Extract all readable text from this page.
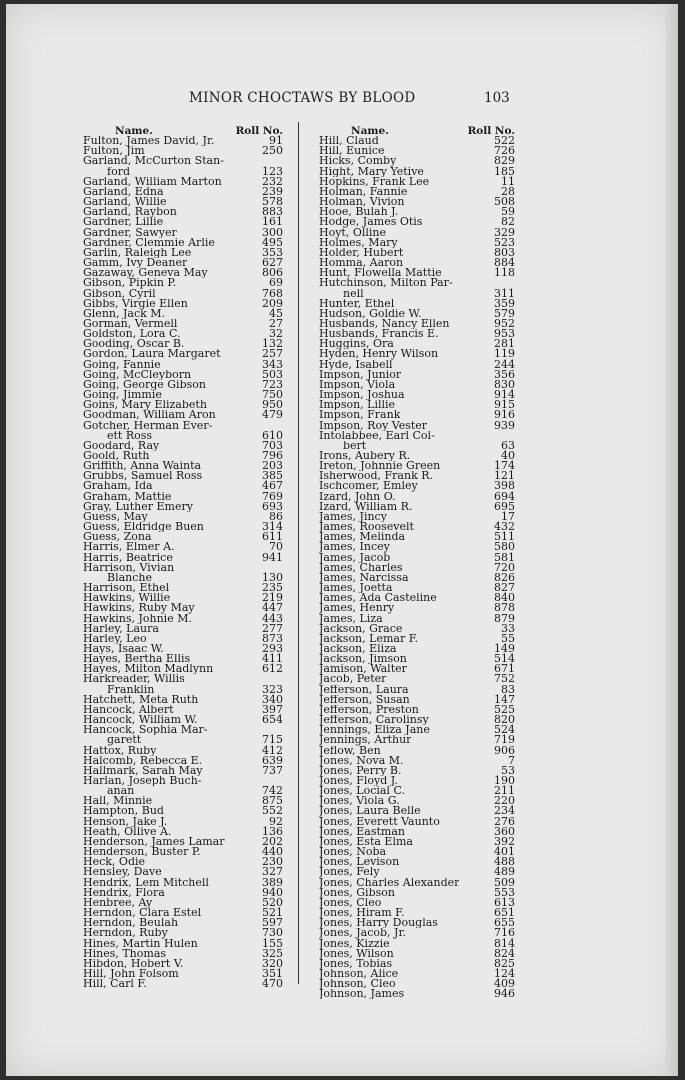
MINOR CHOCTAWS BY BLOOD	103
Name.	Roll No.
Fulton, James David, Jr.	91
Fulton, Jim	250
Garland, McCurton Stan-
ford	123
Garland, William Marton	232
Garland, Edna	239
Garland, Willie	578
Garland, Raybon	883
Gardner, Lillie	161
Gardner, Sawyer	300
Gardner, Clemmie Arlie	495
Garlin, Raleigh Lee	353
Gamm, Ivy Deaner	627
Gazaway, Geneva May	806
Gibson, Pipkin P.	69
Gibson, Cyril	768
Gibbs, Virgie Ellen	209
Glenn, Jack M.	45
Gorman, Vermell	27
Goldston, Lora C.	32
Gooding, Oscar B.	132
Gordon, Laura Margaret	257
Going, Fannie	343
Going, McCleyborn	503
Going, George Gibson	723
Going, Jimmie	750
Goins, Mary Elizabeth	950
Goodman, William Aron	479
Gotcher, Herman Ever-
ett Ross	610
Goodard, Ray	703
Goold, Ruth	796
Griffith, Anna Wainta	203
Grubbs, Samuel Ross	385
Graham, Ida	467
Graham, Mattie	769
Gray, Luther Emery	693
Guess, May	86
Guess, Eldridge Buen	314
Guess, Zona	611
Harris, Elmer A.	70
Harris, Beatrice	941
Harrison, Vivian
Blanche	130
Harrison, Ethel	235
Hawkins, Willie	219
Hawkins, Ruby May	447
Hawkins, Johnie M.	443
Harley, Laura	277
Harley, Leo	873
Hays, Isaac W.	293
Hayes, Bertha Ellis	411
Hayes, Milton Madlynn	612
Harkreader, Willis
Franklin	323
Hatchett, Meta Ruth	340
Hancock, Albert	397
Hancock, William W.	654
Hancock, Sophia Mar-
garett	715
Hattox, Ruby	412
Halcomb, Rebecca E.	639
Hallmark, Sarah May	737
Harlan, Joseph Buch-
anan	742
Hall, Minnie	875
Hampton, Bud	552
Henson, Jake J.	92
Heath, Ollive A.	136
Henderson, James Lamar	202
Henderson, Buster P.	440
Heck, Odie	230
Hensley, Dave	327
Hendrix, Lem Mitchell	389
Hendrix, Flora	940
Henbree, Ay	520
Herndon, Clara Estel	521
Herndon, Beulah	597
Herndon, Ruby	730
Hines, Martin Hulen	155
Hines, Thomas	325
Hibdon, Hobert V.	320
Hill, John Folsom	351
Hill, Carl F.	470
Name.	Roll No.
Hill, Claud	522
Hill, Eunice	726
Hicks, Comby	829
Hight, Mary Yetive	185
Hopkins, Frank Lee	11
Holman, Fannie	28
Holman, Vivion	508
Hooe, Bulah J.	59
Hodge, James Otis	82
Hoyt, Olline	329
Holmes, Mary	523
Holder, Hubert	803
Homma, Aaron	884
Hunt, Flowella Mattie	118
Hutchinson, Milton Par-
nell	311
Hunter, Ethel	359
Hudson, Goldie W.	579
Husbands, Nancy Ellen	952
Husbands, Francis E.	953
Huggins, Ora	281
Hyden, Henry Wilson	119
Hyde, Isabell	244
Impson, Junior	356
Impson, Viola	830
Impson, Joshua	914
Impson, Lillie	915
Impson, Frank	916
Impson, Roy Vester	939
Intolabbee, Earl Col-
bert	63
Irons, Aubery R.	40
Ireton, Johnnie Green	174
Isherwood, Frank R.	121
Ischcomer, Emley	398
Izard, John O.	694
Izard, William R.	695
James, Jincy	17
James, Roosevelt	432
James, Melinda	511
James, Incey	580
James, Jacob	581
James, Charles	720
James, Narcissa	826
James, Joetta	827
James, Ada Casteline	840
James, Henry	878
James, Liza	879
Jackson, Grace	33
Jackson, Lemar F.	55
Jackson, Eliza	149
Jackson, Jimson	514
Jamison, Walter	671
Jacob, Peter	752
Jefferson, Laura	83
Jefferson, Susan	147
Jefferson, Preston	525
Jefferson, Carolinsy	820
Jennings, Eliza Jane	524
Jennings, Arthur	719
Jeflow, Ben	906
Jones, Nova M.	7
Jones, Perry B.	53
Jones, Floyd J.	190
Jones, Locial C.	211
Jones, Viola G.	220
Jones, Laura Belle	234
Jones, Everett Vaunto	276
Jones, Eastman	360
Jones, Esta Elma	392
Jones, Noba	401
Jones, Levison	488
Jones, Fely	489
Jones, Charles Alexander	509
Jones, Gibson	553
Jones, Cleo	613
Jones, Hiram F.	651
Jones, Harry Douglas	655
Jones, Jacob, Jr.	716
Jones, Kizzie	814
Jones, Wilson	824
Jones, Tobias	825
Johnson, Alice	124
Johnson, Cleo	409
Johnson, James	946
